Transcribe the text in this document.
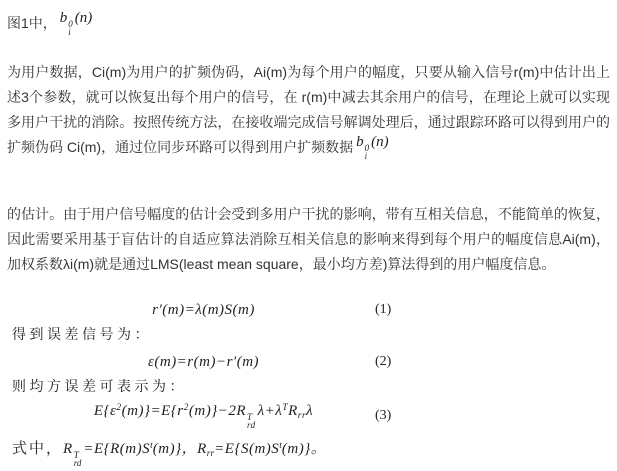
图1中， b 0
i
(n)

为用户数据，Ci(m)为用户的扩频伪码，Ai(m)为每个用户的幅度，只要从输入信号r(m)中估计出上述3个参数，就可以恢复出每个用户的信号，在 r(m)中减去其余用户的信号，在理论上就可以实现多用户干扰的消除。按照传统方法，在接收端完成信号解调处理后，通过跟踪环路可以得到用户的扩频伪码 Ci(m)，通过位同步环路可以得到用户扩频数据 b 0
i
(n)

的估计。由于用户信号幅度的估计会受到多用户干扰的影响，带有互相关信息，不能简单的恢复，因此需要采用基于盲估计的自适应算法消除互相关信息的影响来得到每个用户的幅度信息Ai(m)，加权系数λi(m)就是通过LMS(least mean square，最小均方差)算法得到的用户幅度信息。

r′(m)=λ(m)S(m)	(1)
得到误差信号为：
ε(m)=r(m)−r′(m)	(2)
则均方误差可表示为：
$E\{\varepsilon^2(m)\}=E\{r^2(m)\}-2R$ T
rd
$\lambda+\lambda^TR_{rr}\lambda$	(3)
式中，R T
rd
$=E\{R(m)S^t(m)\}$，$R_{rr}=E\{S(m)S^t(m)\}$。
